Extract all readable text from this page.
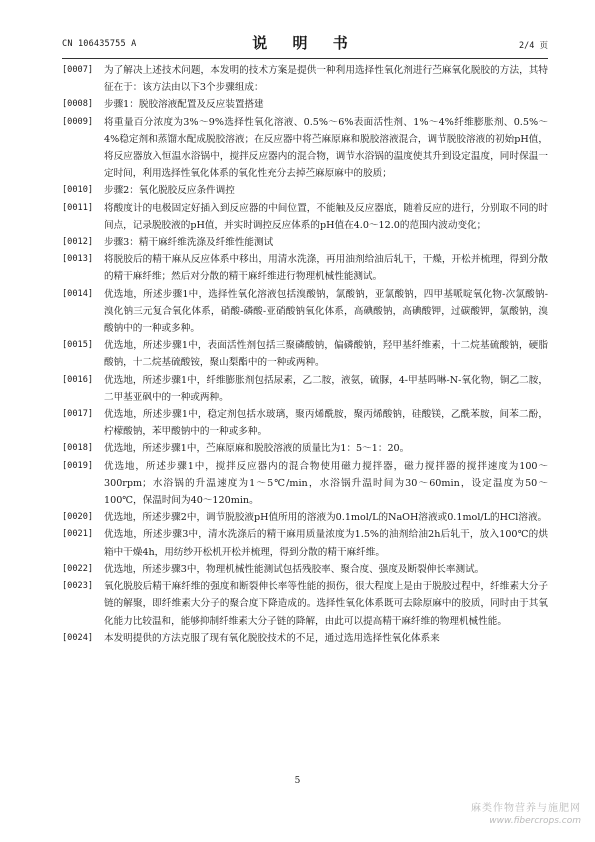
CN 106435755 A	说 明 书	2/4 页
[0007] 为了解决上述技术问题，本发明的技术方案是提供一种利用选择性氧化剂进行苎麻氧化脱胶的方法，其特征在于：该方法由以下3个步骤组成：
[0008] 步骤1：脱胶溶液配置及反应装置搭建
[0009] 将重量百分浓度为3%～9%选择性氧化溶液、0.5%～6%表面活性剂、1%～4%纤维膨胀剂、0.5%～4%稳定剂和蒸馏水配成脱胶溶液；在反应器中将苎麻原麻和脱胶溶液混合，调节脱胶溶液的初始pH值，将反应器放入恒温水浴锅中，搅拌反应器内的混合物，调节水浴锅的温度使其升到设定温度，同时保温一定时间，利用选择性氧化体系的氧化性充分去掉苎麻原麻中的胶质；
[0010] 步骤2：氧化脱胶反应条件调控
[0011] 将酸度计的电极固定好插入到反应器的中间位置，不能触及反应器底，随着反应的进行，分别取不同的时间点，记录脱胶液的pH值，并实时调控反应体系的pH值在4.0～12.0的范围内波动变化；
[0012] 步骤3：精干麻纤维洗涤及纤维性能测试
[0013] 将脱胶后的精干麻从反应体系中移出，用清水洗涤，再用油剂给油后轧干，干燥，开松并梳理，得到分散的精干麻纤维；然后对分散的精干麻纤维进行物理机械性能测试。
[0014] 优选地，所述步骤1中，选择性氧化溶液包括溴酸钠，氯酸钠，亚氯酸钠，四甲基哌啶氧化物-次氯酸钠-溴化钠三元复合氧化体系，硝酸-磷酸-亚硝酸钠氧化体系，高碘酸钠，高碘酸钾，过碳酸钾，氯酸钠，溴酸钠中的一种或多种。
[0015] 优选地，所述步骤1中，表面活性剂包括三聚磷酸钠，偏磷酸钠，羟甲基纤维素，十二烷基硫酸钠，硬脂酸钠，十二烷基硫酸铵，聚山梨酯中的一种或两种。
[0016] 优选地，所述步骤1中，纤维膨胀剂包括尿素，乙二胺，液氨，硫脲，4-甲基吗啉-N-氧化物，铜乙二胺，二甲基亚砜中的一种或两种。
[0017] 优选地，所述步骤1中，稳定剂包括水玻璃，聚丙烯酰胺，聚丙烯酸钠，硅酸镁，乙酰苯胺，间苯二酚，柠檬酸钠，苯甲酸钠中的一种或多种。
[0018] 优选地，所述步骤1中，苎麻原麻和脱胶溶液的质量比为1：5～1：20。
[0019] 优选地，所述步骤1中，搅拌反应器内的混合物使用磁力搅拌器，磁力搅拌器的搅拌速度为100～300rpm；水浴锅的升温速度为1～5℃/min，水浴锅升温时间为30～60min，设定温度为50～100℃，保温时间为40～120min。
[0020] 优选地，所述步骤2中，调节脱胶液pH值所用的溶液为0.1mol/L的NaOH溶液或0.1mol/L的HCl溶液。
[0021] 优选地，所述步骤3中，清水洗涤后的精干麻用质量浓度为1.5%的油剂给油2h后轧干，放入100℃的烘箱中干燥4h，用纺纱开松机开松并梳理，得到分散的精干麻纤维。
[0022] 优选地，所述步骤3中，物理机械性能测试包括残胶率、聚合度、强度及断裂伸长率测试。
[0023] 氧化脱胶后精干麻纤维的强度和断裂伸长率等性能的损伤，很大程度上是由于脱胶过程中，纤维素大分子链的解聚，即纤维素大分子的聚合度下降造成的。选择性氧化体系既可去除原麻中的胶质，同时由于其氧化能力比较温和，能够抑制纤维素大分子链的降解，由此可以提高精干麻纤维的物理机械性能。
[0024] 本发明提供的方法克服了现有氧化脱胶技术的不足，通过选用选择性氧化体系来
5
麻类作物营养与施肥网
www.fibercrops.com
